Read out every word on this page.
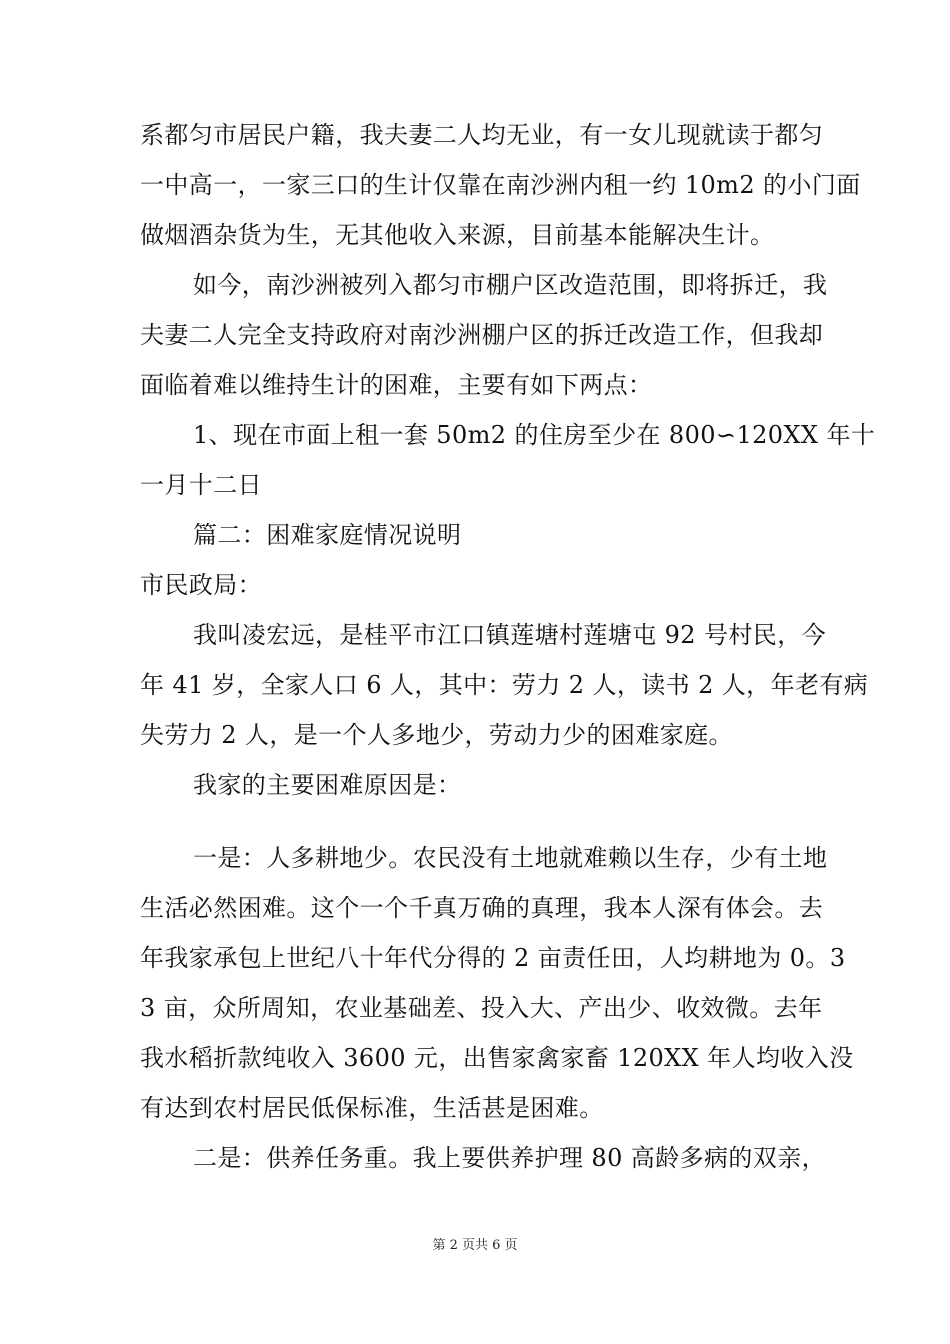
系都匀市居民户籍，我夫妻二人均无业，有一女儿现就读于都匀
一中高一，一家三口的生计仅靠在南沙洲内租一约 10m2 的小门面
做烟酒杂货为生，无其他收入来源，目前基本能解决生计。
如今，南沙洲被列入都匀市棚户区改造范围，即将拆迁，我
夫妻二人完全支持政府对南沙洲棚户区的拆迁改造工作，但我却
面临着难以维持生计的困难，主要有如下两点：
1、现在市面上租一套 50m2 的住房至少在 800∽120XX 年十
一月十二日
篇二：困难家庭情况说明
市民政局：
我叫凌宏远，是桂平市江口镇莲塘村莲塘屯 92 号村民，今
年 41 岁，全家人口 6 人，其中：劳力 2 人，读书 2 人，年老有病
失劳力 2 人，是一个人多地少，劳动力少的困难家庭。
我家的主要困难原因是：
一是：人多耕地少。农民没有土地就难赖以生存，少有土地
生活必然困难。这个一个千真万确的真理，我本人深有体会。去
年我家承包上世纪八十年代分得的 2 亩责任田，人均耕地为 0。3
3 亩，众所周知，农业基础差、投入大、产出少、收效微。去年
我水稻折款纯收入 3600 元，出售家禽家畜 120XX 年人均收入没
有达到农村居民低保标准，生活甚是困难。
二是：供养任务重。我上要供养护理 80 高龄多病的双亲，
第 2 页共 6 页
